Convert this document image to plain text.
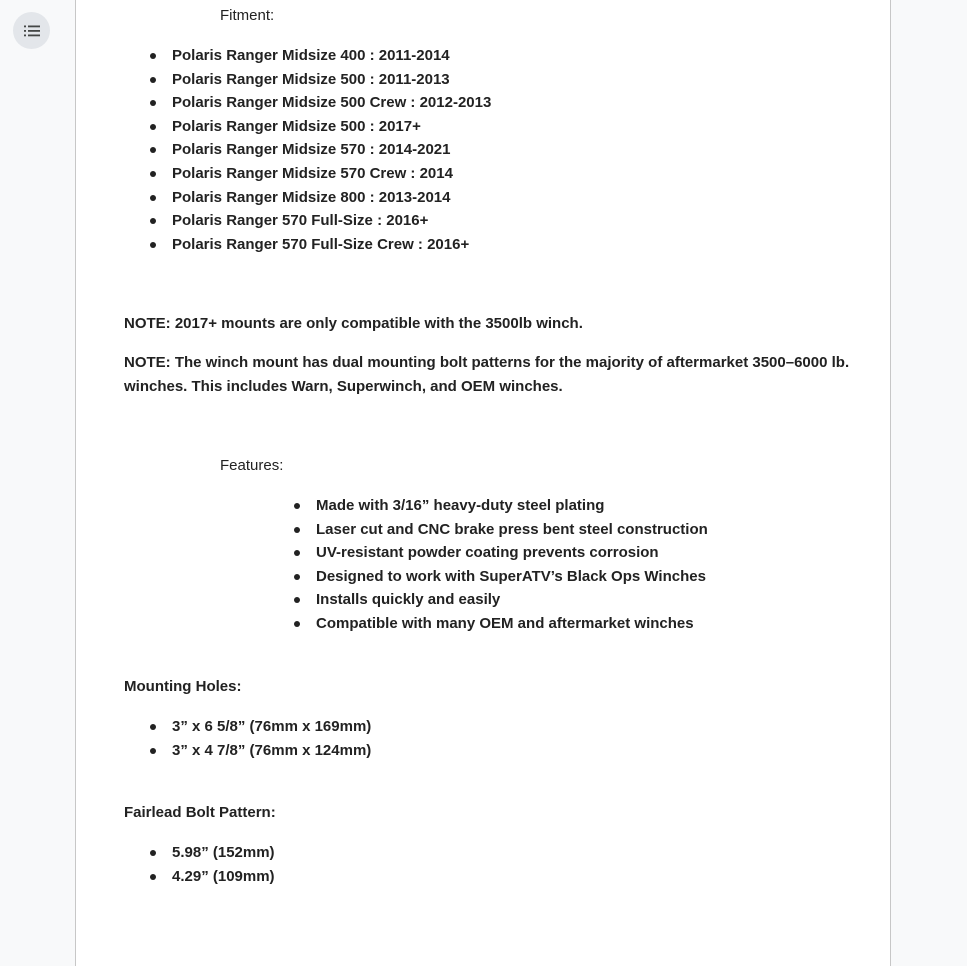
Fitment:
Polaris Ranger Midsize 400 : 2011-2014
Polaris Ranger Midsize 500 : 2011-2013
Polaris Ranger Midsize 500 Crew : 2012-2013
Polaris Ranger Midsize 500 : 2017+
Polaris Ranger Midsize 570 : 2014-2021
Polaris Ranger Midsize 570 Crew : 2014
Polaris Ranger Midsize 800 : 2013-2014
Polaris Ranger 570 Full-Size : 2016+
Polaris Ranger 570 Full-Size Crew : 2016+
NOTE: 2017+ mounts are only compatible with the 3500lb winch.
NOTE: The winch mount has dual mounting bolt patterns for the majority of aftermarket 3500–6000 lb. winches. This includes Warn, Superwinch, and OEM winches.
Features:
Made with 3/16” heavy-duty steel plating
Laser cut and CNC brake press bent steel construction
UV-resistant powder coating prevents corrosion
Designed to work with SuperATV’s Black Ops Winches
Installs quickly and easily
Compatible with many OEM and aftermarket winches
Mounting Holes:
3” x 6 5/8” (76mm x 169mm)
3” x 4 7/8” (76mm x 124mm)
Fairlead Bolt Pattern:
5.98” (152mm)
4.29” (109mm)
